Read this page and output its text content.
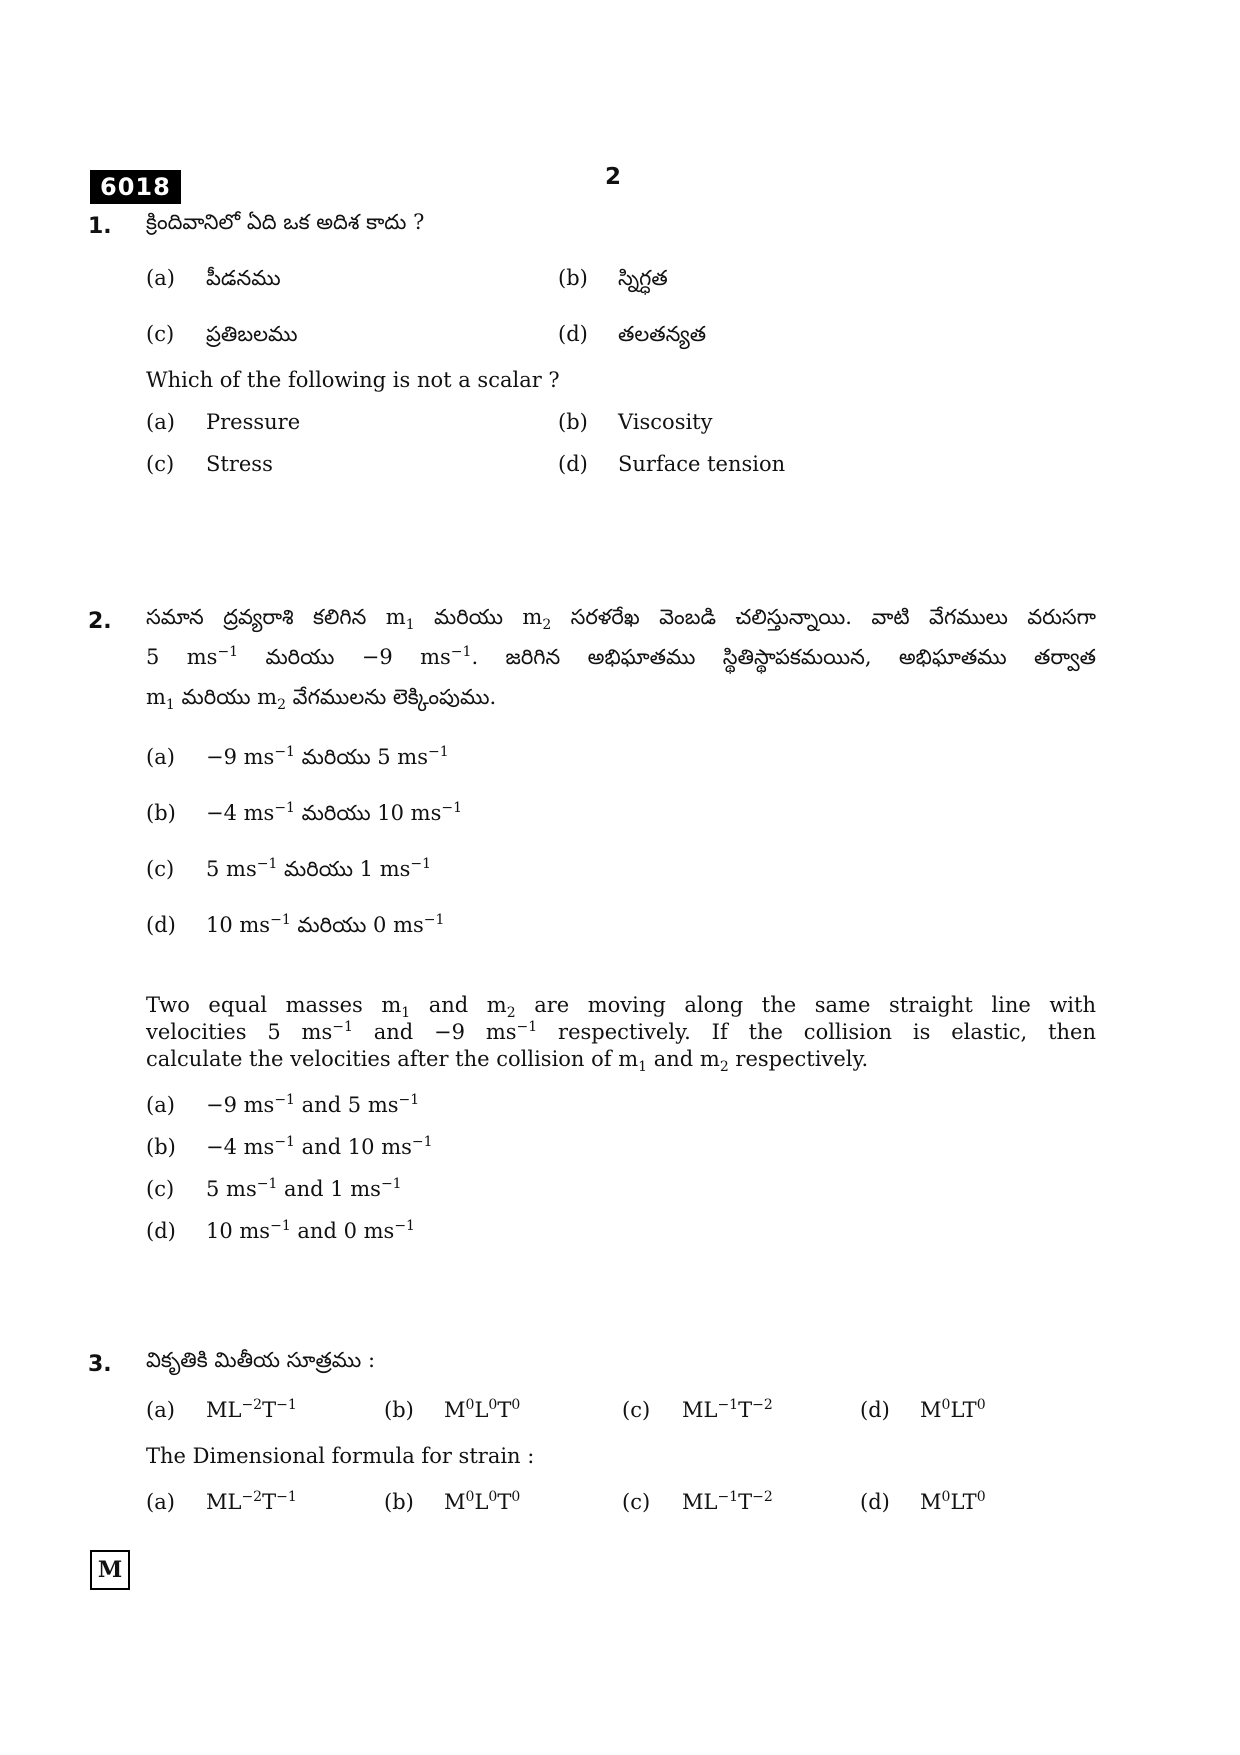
6018	2
1. క్రిందివానిలో ఏది ఒక అదిశ కాదు ?
(a) పీడనము	(b) స్నిగ్ధత
(c) ప్రతిబలము	(d) తలతన్యత
Which of the following is not a scalar ?
(a) Pressure	(b) Viscosity
(c) Stress	(d) Surface tension
2. సమాన ద్రవ్యరాశి కలిగిన $m_1$ మరియు $m_2$ సరళరేఖ వెంబడి చలిస్తున్నాయి. వాటి వేగములు వరుసగా
5 $ms^{-1}$ మరియు −9 $ms^{-1}$. జరిగిన అభిఘాతము స్థితిస్థాపకమయిన, అభిఘాతము తర్వాత
$m_1$ మరియు $m_2$ వేగములను లెక్కింపుము.
(a) −9 $ms^{-1}$ మరియు 5 $ms^{-1}$
(b) −4 $ms^{-1}$ మరియు 10 $ms^{-1}$
(c) 5 $ms^{-1}$ మరియు 1 $ms^{-1}$
(d) 10 $ms^{-1}$ మరియు 0 $ms^{-1}$
Two equal masses $m_1$ and $m_2$ are moving along the same straight line with
velocities 5 $ms^{-1}$ and −9 $ms^{-1}$ respectively. If the collision is elastic, then
calculate the velocities after the collision of $m_1$ and $m_2$ respectively.
(a) −9 $ms^{-1}$ and 5 $ms^{-1}$
(b) −4 $ms^{-1}$ and 10 $ms^{-1}$
(c) 5 $ms^{-1}$ and 1 $ms^{-1}$
(d) 10 $ms^{-1}$ and 0 $ms^{-1}$
3. వికృతికి మితీయ సూత్రము :
(a) $ML^{-2}T^{-1}$	(b) $M^0L^0T^0$	(c) $ML^{-1}T^{-2}$	(d) $M^0LT^0$
The Dimensional formula for strain :
(a) $ML^{-2}T^{-1}$	(b) $M^0L^0T^0$	(c) $ML^{-1}T^{-2}$	(d) $M^0LT^0$
M
